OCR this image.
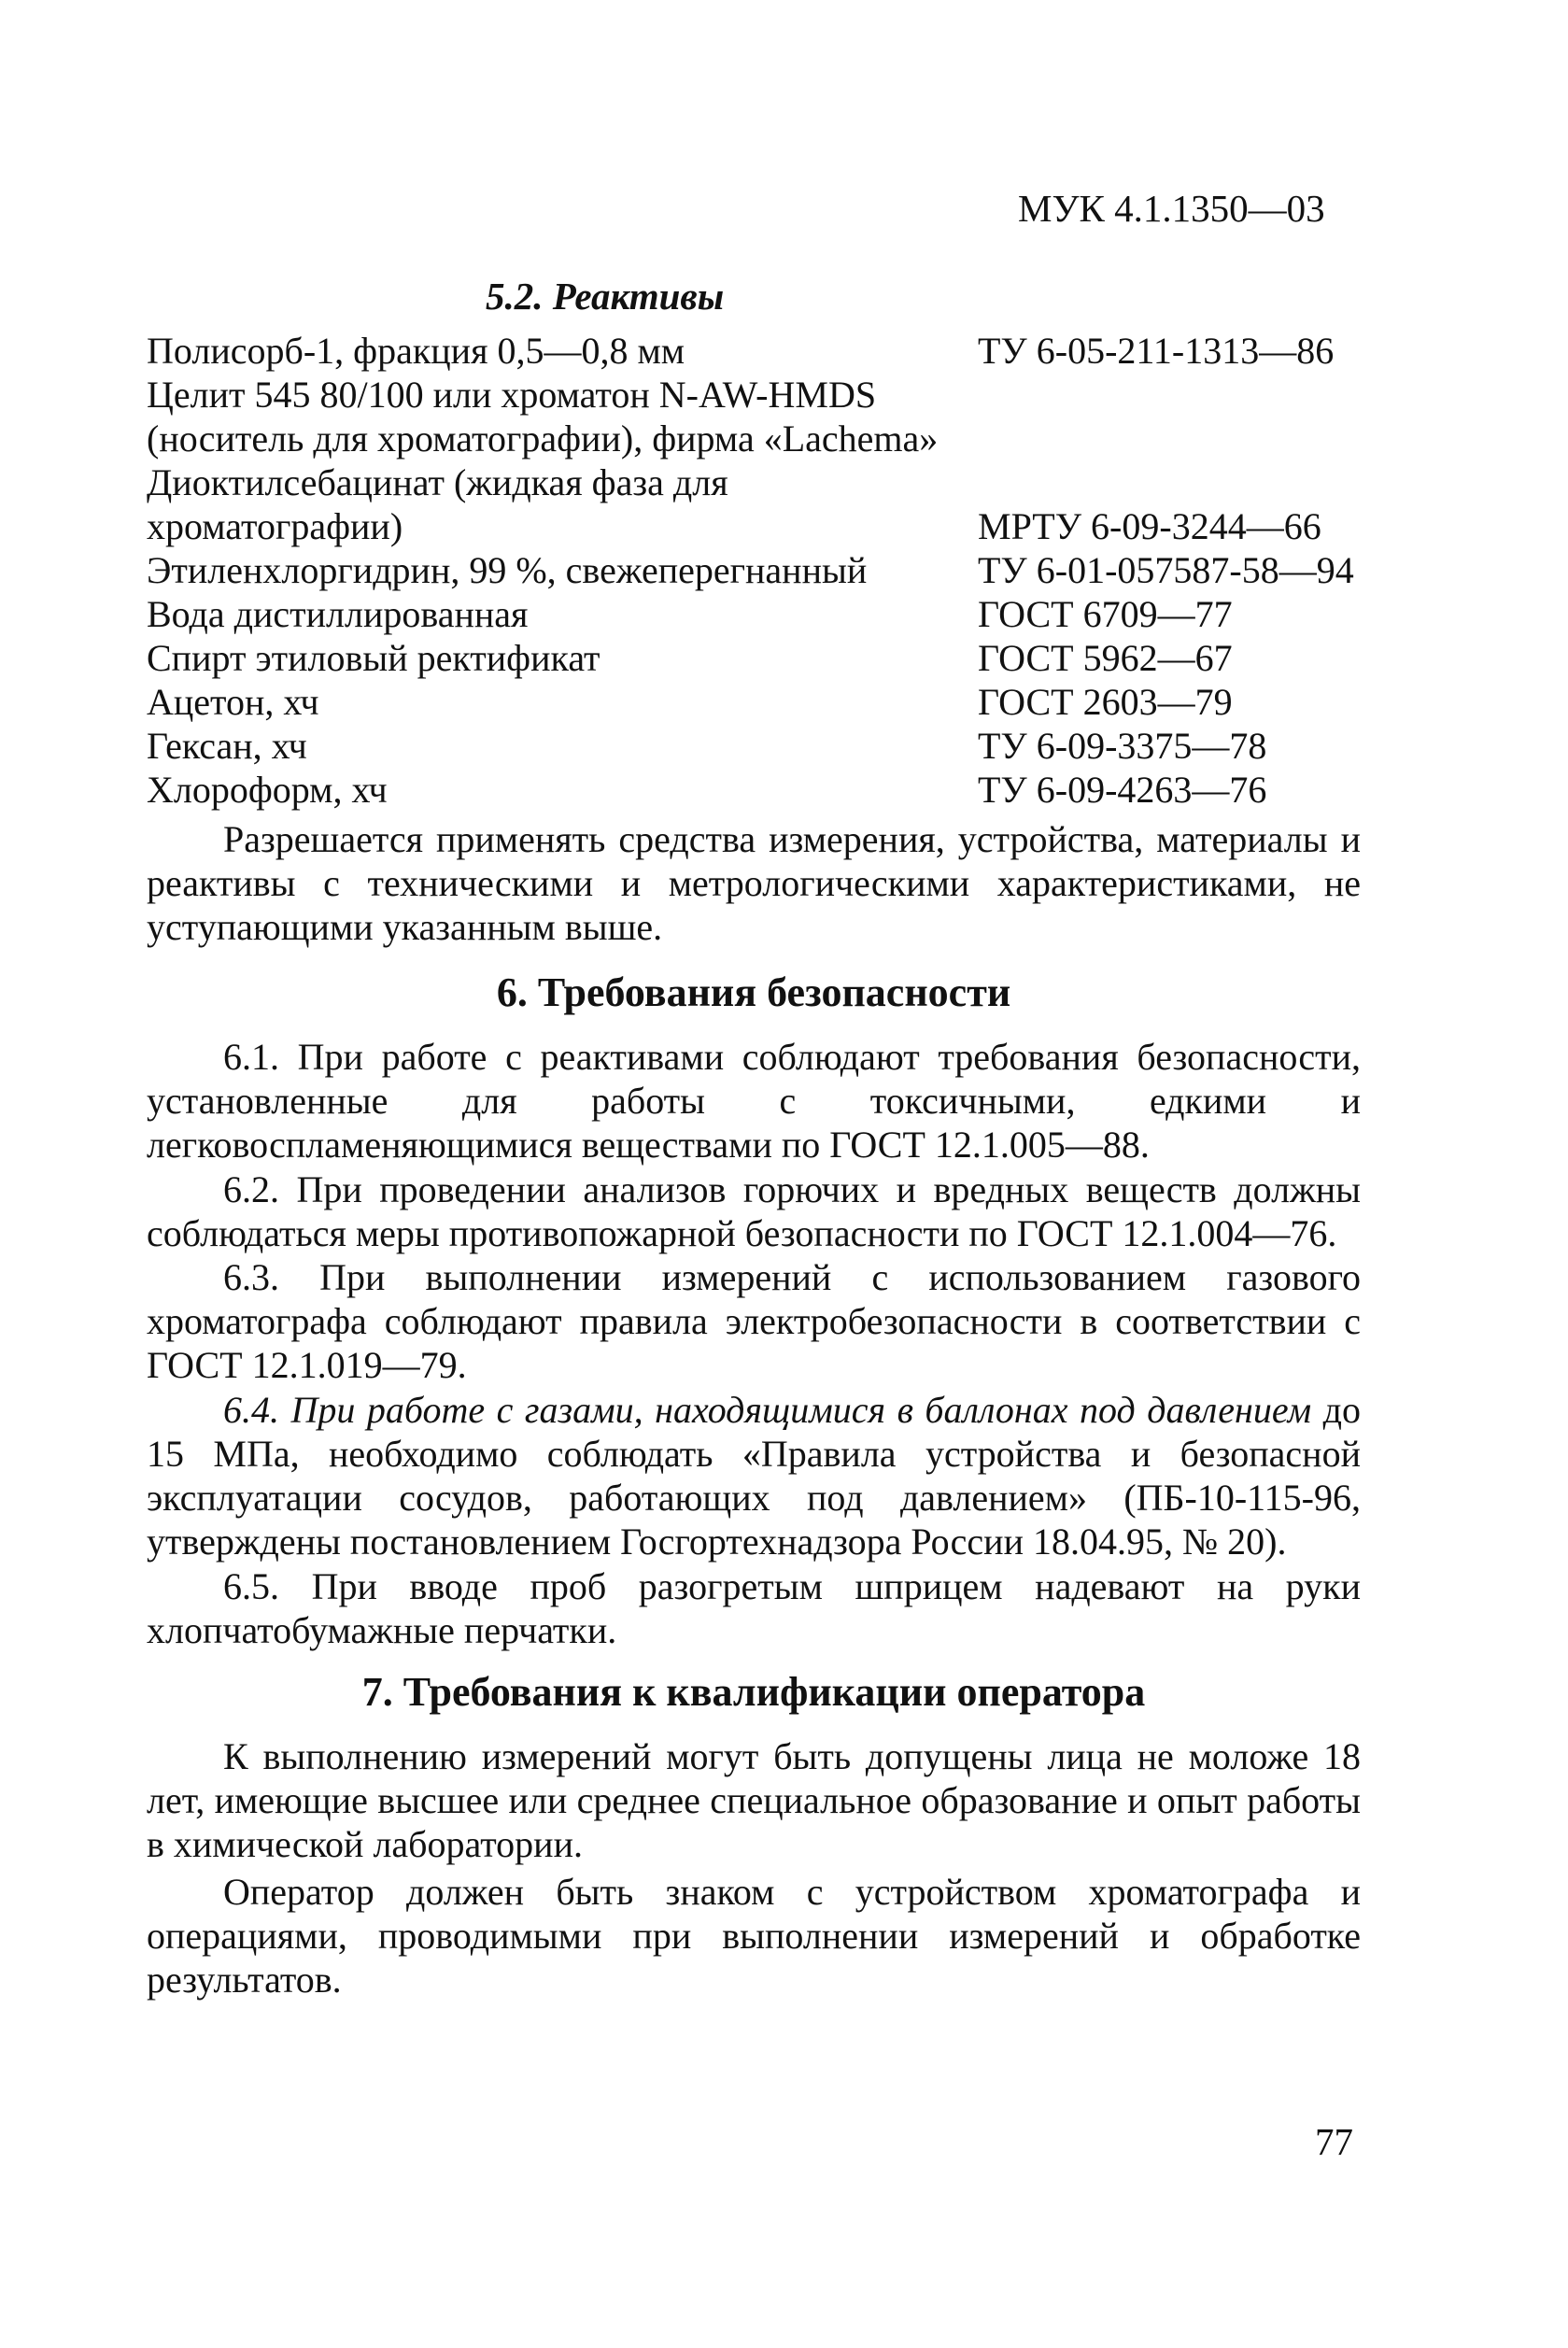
МУК 4.1.1350—03
5.2. Реактивы
Полисорб-1, фракция 0,5—0,8 мм	ТУ 6-05-211-1313—86
Целит 545 80/100 или хроматон N-AW-HMDS
(носитель для хроматографии), фирма «Lachema»
Диоктилсебацинат (жидкая фаза для
хроматографии)	МРТУ 6-09-3244—66
Этиленхлоргидрин, 99 %, свежеперегнанный	ТУ 6-01-057587-58—94
Вода дистиллированная	ГОСТ 6709—77
Спирт этиловый ректификат	ГОСТ 5962—67
Ацетон, хч	ГОСТ 2603—79
Гексан, хч	ТУ 6-09-3375—78
Хлороформ, хч	ТУ 6-09-4263—76

Разрешается применять средства измерения, устройства, материалы и реактивы с техническими и метрологическими характеристиками, не уступающими указанным выше.

6. Требования безопасности

6.1. При работе с реактивами соблюдают требования безопасности, установленные для работы с токсичными, едкими и легковоспламеняющимися веществами по ГОСТ 12.1.005—88.

6.2. При проведении анализов горючих и вредных веществ должны соблюдаться меры противопожарной безопасности по ГОСТ 12.1.004—76.

6.3. При выполнении измерений с использованием газового хроматографа соблюдают правила электробезопасности в соответствии с ГОСТ 12.1.019—79.

6.4. При работе с газами, находящимися в баллонах под давлением до 15 МПа, необходимо соблюдать «Правила устройства и безопасной эксплуатации сосудов, работающих под давлением» (ПБ-10-115-96, утверждены постановлением Госгортехнадзора России 18.04.95, № 20).

6.5. При вводе проб разогретым шприцем надевают на руки хлопчатобумажные перчатки.

7. Требования к квалификации оператора

К выполнению измерений могут быть допущены лица не моложе 18 лет, имеющие высшее или среднее специальное образование и опыт работы в химической лаборатории.

Оператор должен быть знаком с устройством хроматографа и операциями, проводимыми при выполнении измерений и обработке результатов.

77
